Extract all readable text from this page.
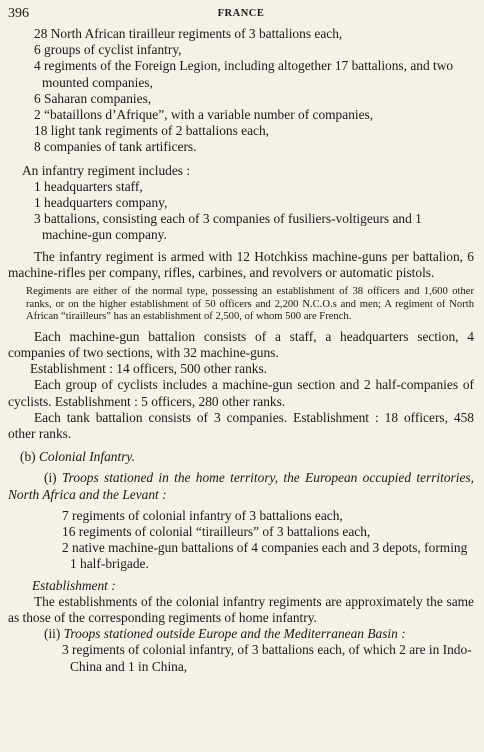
396	FRANCE
28 North African tirailleur regiments of 3 battalions each,
6 groups of cyclist infantry,
4 regiments of the Foreign Legion, including altogether 17 battalions, and two mounted companies,
6 Saharan companies,
2 “bataillons d’Afrique”, with a variable number of companies,
18 light tank regiments of 2 battalions each,
8 companies of tank artificers.

An infantry regiment includes :

1 headquarters staff,
1 headquarters company,
3 battalions, consisting each of 3 companies of fusiliers-voltigeurs and 1 machine-gun company.

The infantry regiment is armed with 12 Hotchkiss machine-guns per battalion, 6 machine-rifles per company, rifles, carbines, and revolvers or automatic pistols.

Regiments are either of the normal type, possessing an establishment of 38 officers and 1,600 other ranks, or on the higher establishment of 50 officers and 2,200 N.C.O.s and men; A regiment of North African “tirailleurs” has an establishment of 2,500, of whom 500 are French.

Each machine-gun battalion consists of a staff, a headquarters section, 4 companies of two sections, with 32 machine-guns.

Establishment : 14 officers, 500 other ranks.

Each group of cyclists includes a machine-gun section and 2 half-companies of cyclists. Establishment : 5 officers, 280 other ranks.

Each tank battalion consists of 3 companies. Establishment : 18 officers, 458 other ranks.

(b) Colonial Infantry.

(i) Troops stationed in the home territory, the European occupied territories, North Africa and the Levant :

7 regiments of colonial infantry of 3 battalions each,
16 regiments of colonial “tirailleurs” of 3 battalions each,
2 native machine-gun battalions of 4 companies each and 3 depots, forming 1 half-brigade.
Establishment :

The establishments of the colonial infantry regiments are approximately the same as those of the corresponding regiments of home infantry.

(ii) Troops stationed outside Europe and the Mediterranean Basin :

3 regiments of colonial infantry, of 3 battalions each, of which 2 are in Indo-China and 1 in China,
